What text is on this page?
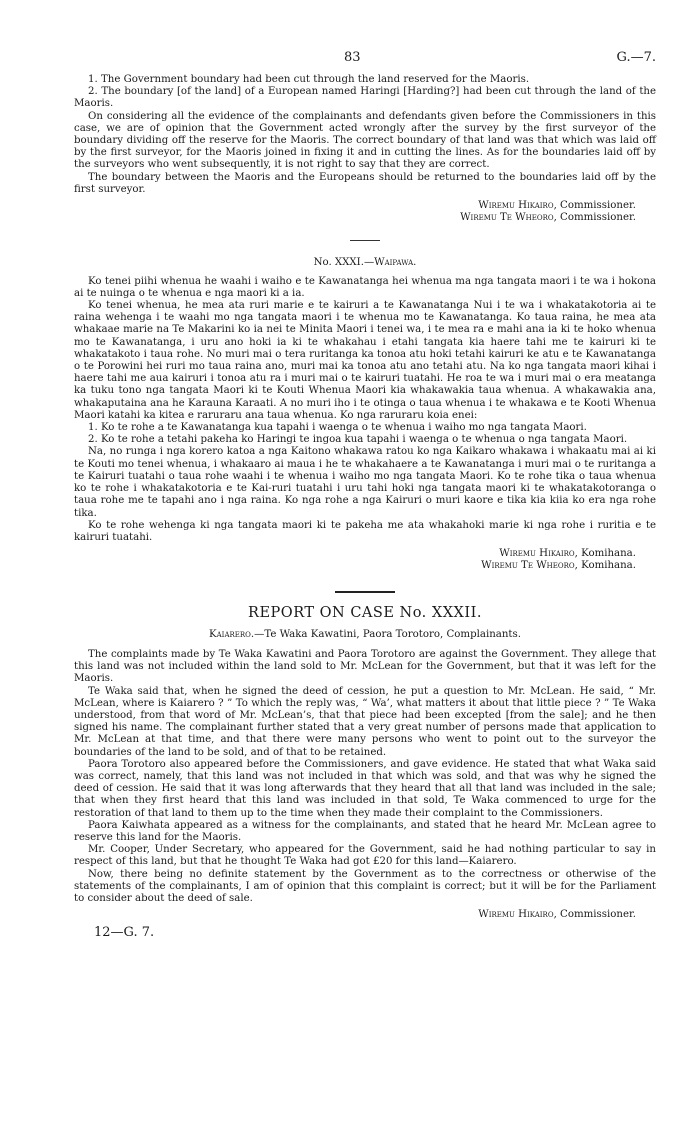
83	G.—7.

1. The Government boundary had been cut through the land reserved for the Maoris.

2. The boundary [of the land] of a European named Haringi [Harding?] had been cut through the land of the Maoris.

On considering all the evidence of the complainants and defendants given before the Commissioners in this case, we are of opinion that the Government acted wrongly after the survey by the first surveyor of the boundary dividing off the reserve for the Maoris. The correct boundary of that land was that which was laid off by the first surveyor, for the Maoris joined in fixing it and in cutting the lines. As for the boundaries laid off by the surveyors who went subsequently, it is not right to say that they are correct.

The boundary between the Maoris and the Europeans should be returned to the boundaries laid off by the first surveyor.

Wiremu Hikairo, Commissioner.

Wiremu Te Wheoro, Commissioner.

No. XXXI.—Waipawa.

Ko tenei piihi whenua he waahi i waiho e te Kawanatanga hei whenua ma nga tangata maori i te wa i hokona ai te nuinga o te whenua e nga maori ki a ia.

Ko tenei whenua, he mea ata ruri marie e te kairuri a te Kawanatanga Nui i te wa i whakatakotoria ai te raina wehenga i te waahi mo nga tangata maori i te whenua mo te Kawanatanga. Ko taua raina, he mea ata whakaae marie na Te Makarini ko ia nei te Minita Maori i tenei wa, i te mea ra e mahi ana ia ki te hoko whenua mo te Kawanatanga, i uru ano hoki ia ki te whakahau i etahi tangata kia haere tahi me te kairuri ki te whakatakoto i taua rohe. No muri mai o tera ruritanga ka tonoa atu hoki tetahi kairuri ke atu e te Kawanatanga o te Porowini hei ruri mo taua raina ano, muri mai ka tonoa atu ano tetahi atu. Na ko nga tangata maori kihai i haere tahi me aua kairuri i tonoa atu ra i muri mai o te kairuri tuatahi. He roa te wa i muri mai o era meatanga ka tuku tono nga tangata Maori ki te Kouti Whenua Maori kia whakawakia taua whenua. A whakawakia ana, whakaputaina ana he Karauna Karaati. A no muri iho i te otinga o taua whenua i te whakawa e te Kooti Whenua Maori katahi ka kitea e raruraru ana taua whenua. Ko nga raruraru koia enei:

1. Ko te rohe a te Kawanatanga kua tapahi i waenga o te whenua i waiho mo nga tangata Maori.

2. Ko te rohe a tetahi pakeha ko Haringi te ingoa kua tapahi i waenga o te whenua o nga tangata Maori.

Na, no runga i nga korero katoa a nga Kaitono whakawa ratou ko nga Kaikaro whakawa i whakaatu mai ai ki te Kouti mo tenei whenua, i whakaaro ai maua i he te whakahaere a te Kawanatanga i muri mai o te ruritanga a te Kairuri tuatahi o taua rohe waahi i te whenua i waiho mo nga tangata Maori. Ko te rohe tika o taua whenua ko te rohe i whakatakotoria e te Kai-ruri tuatahi i uru tahi hoki nga tangata maori ki te whakatakotoranga o taua rohe me te tapahi ano i nga raina. Ko nga rohe a nga Kairuri o muri kaore e tika kia kiia ko era nga rohe tika.

Ko te rohe wehenga ki nga tangata maori ki te pakeha me ata whakahoki marie ki nga rohe i ruritia e te kairuri tuatahi.

Wiremu Hikairo, Komihana.

Wiremu Te Wheoro, Komihana.

REPORT ON CASE No. XXXII.
Kaiarero.—Te Waka Kawatini, Paora Torotoro, Complainants.

The complaints made by Te Waka Kawatini and Paora Torotoro are against the Government. They allege that this land was not included within the land sold to Mr. McLean for the Government, but that it was left for the Maoris.

Te Waka said that, when he signed the deed of cession, he put a question to Mr. McLean. He said, “ Mr. McLean, where is Kaiarero ? ” To which the reply was, “ Wa’, what matters it about that little piece ? ” Te Waka understood, from that word of Mr. McLean’s, that that piece had been excepted [from the sale]; and he then signed his name. The complainant further stated that a very great number of persons made that application to Mr. McLean at that time, and that there were many persons who went to point out to the surveyor the boundaries of the land to be sold, and of that to be retained.

Paora Torotoro also appeared before the Commissioners, and gave evidence. He stated that what Waka said was correct, namely, that this land was not included in that which was sold, and that was why he signed the deed of cession. He said that it was long afterwards that they heard that all that land was included in the sale; that when they first heard that this land was included in that sold, Te Waka commenced to urge for the restoration of that land to them up to the time when they made their complaint to the Commissioners.

Paora Kaiwhata appeared as a witness for the complainants, and stated that he heard Mr. McLean agree to reserve this land for the Maoris.

Mr. Cooper, Under Secretary, who appeared for the Government, said he had nothing particular to say in respect of this land, but that he thought Te Waka had got £20 for this land—Kaiarero.

Now, there being no definite statement by the Government as to the correctness or otherwise of the statements of the complainants, I am of opinion that this complaint is correct; but it will be for the Parliament to consider about the deed of sale.

Wiremu Hikairo, Commissioner.

12—G. 7.
